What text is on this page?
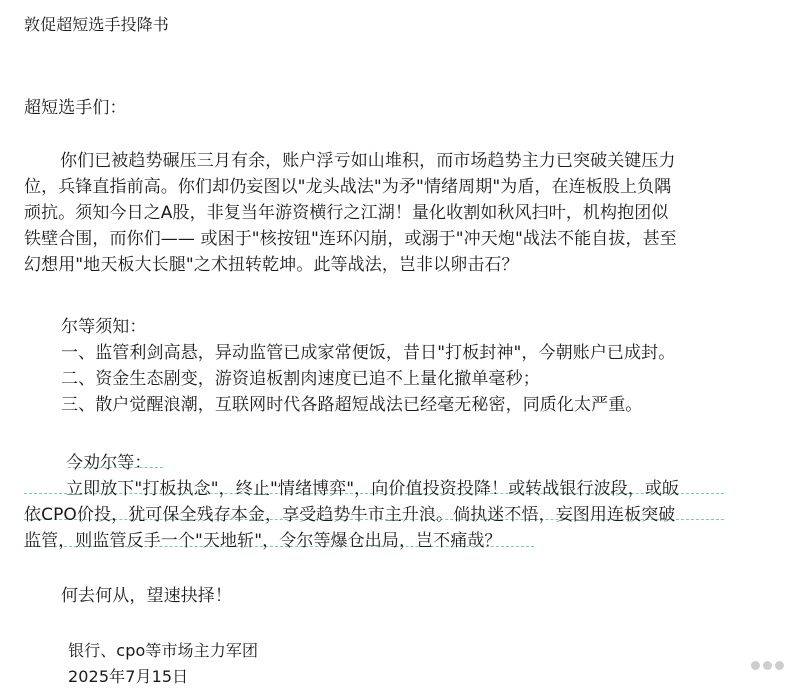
敦促超短选手投降书
超短选手们：
你们已被趋势碾压三月有余，账户浮亏如山堆积，而市场趋势主力已突破关键压力
位，兵锋直指前高。你们却仍妄图以"龙头战法"为矛"情绪周期"为盾，在连板股上负隅
顽抗。须知今日之A股，非复当年游资横行之江湖！量化收割如秋风扫叶，机构抱团似
铁壁合围，而你们—— 或困于"核按钮"连环闪崩，或溺于"冲天炮"战法不能自拔，甚至
幻想用"地天板大长腿"之术扭转乾坤。此等战法，岂非以卵击石？
尔等须知：
一、监管利剑高悬，异动监管已成家常便饭，昔日"打板封神"，今朝账户已成封。
二、资金生态剧变，游资追板割肉速度已追不上量化撤单毫秒；
三、散户觉醒浪潮，互联网时代各路超短战法已经毫无秘密，同质化太严重。
今劝尔等：
立即放下"打板执念"，终止"情绪博弈"，向价值投资投降！或转战银行波段，或皈
依CPO价投，犹可保全残存本金，享受趋势牛市主升浪。倘执迷不悟，妄图用连板突破
监管，则监管反手一个"天地斩"，令尔等爆仓出局，岂不痛哉？
何去何从，望速抉择！
银行、cpo等市场主力军团
2025年7月15日
